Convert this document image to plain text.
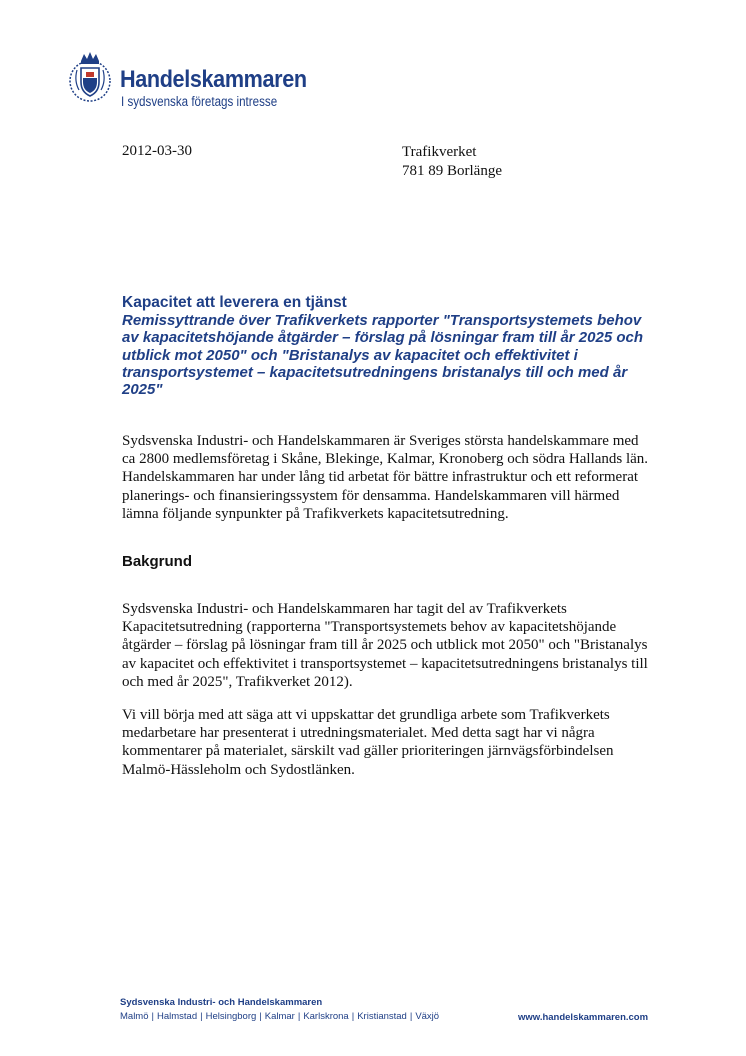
Handelskammaren
I sydsvenska företags intresse
2012-03-30	Trafikverket
781 89 Borlänge
Kapacitet att leverera en tjänst
Remissyttrande över Trafikverkets rapporter "Transportsystemets behov av kapacitetshöjande åtgärder – förslag på lösningar fram till år 2025 och utblick mot 2050" och "Bristanalys av kapacitet och effektivitet i transportsystemet – kapacitetsutredningens bristanalys till och med år 2025"
Sydsvenska Industri- och Handelskammaren är Sveriges största handelskammare med ca 2800 medlemsföretag i Skåne, Blekinge, Kalmar, Kronoberg och södra Hallands län. Handelskammaren har under lång tid arbetat för bättre infrastruktur och ett reformerat planerings- och finansieringssystem för densamma. Handelskammaren vill härmed lämna följande synpunkter på Trafikverkets kapacitetsutredning.
Bakgrund
Sydsvenska Industri- och Handelskammaren har tagit del av Trafikverkets Kapacitetsutredning (rapporterna "Transportsystemets behov av kapacitetshöjande åtgärder – förslag på lösningar fram till år 2025 och utblick mot 2050" och "Bristanalys av kapacitet och effektivitet i transportsystemet – kapacitetsutredningens bristanalys till och med år 2025", Trafikverket 2012).
Vi vill börja med att säga att vi uppskattar det grundliga arbete som Trafikverkets medarbetare har presenterat i utredningsmaterialet. Med detta sagt har vi några kommentarer på materialet, särskilt vad gäller prioriteringen järnvägsförbindelsen Malmö-Hässleholm och Sydostlänken.
Sydsvenska Industri- och Handelskammaren
Malmö | Halmstad | Helsingborg | Kalmar | Karlskrona | Kristianstad | Växjö	www.handelskammaren.com
